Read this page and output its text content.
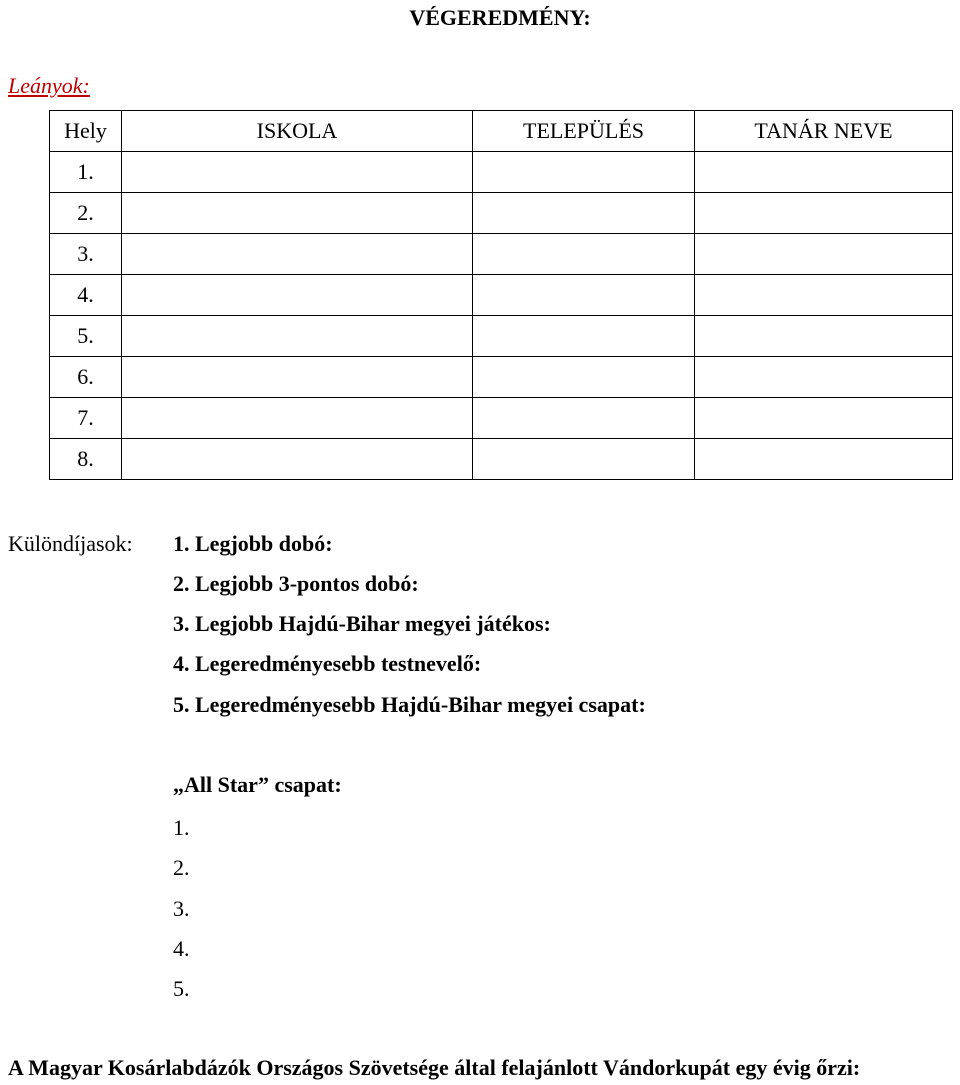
VÉGEREDMÉNY:
Leányok:
Hely	ISKOLA	TELEPÜLÉS	TANÁR NEVE
1.			
2.			
3.			
4.			
5.			
6.			
7.			
8.			
Különdíjasok: 1. Legjobb dobó:
2. Legjobb 3-pontos dobó:
3. Legjobb Hajdú-Bihar megyei játékos:
4. Legeredményesebb testnevelő:
5. Legeredményesebb Hajdú-Bihar megyei csapat:
„All Star” csapat:
1.
2.
3.
4.
5.
A Magyar Kosárlabdázók Országos Szövetsége által felajánlott Vándorkupát egy évig őrzi:
